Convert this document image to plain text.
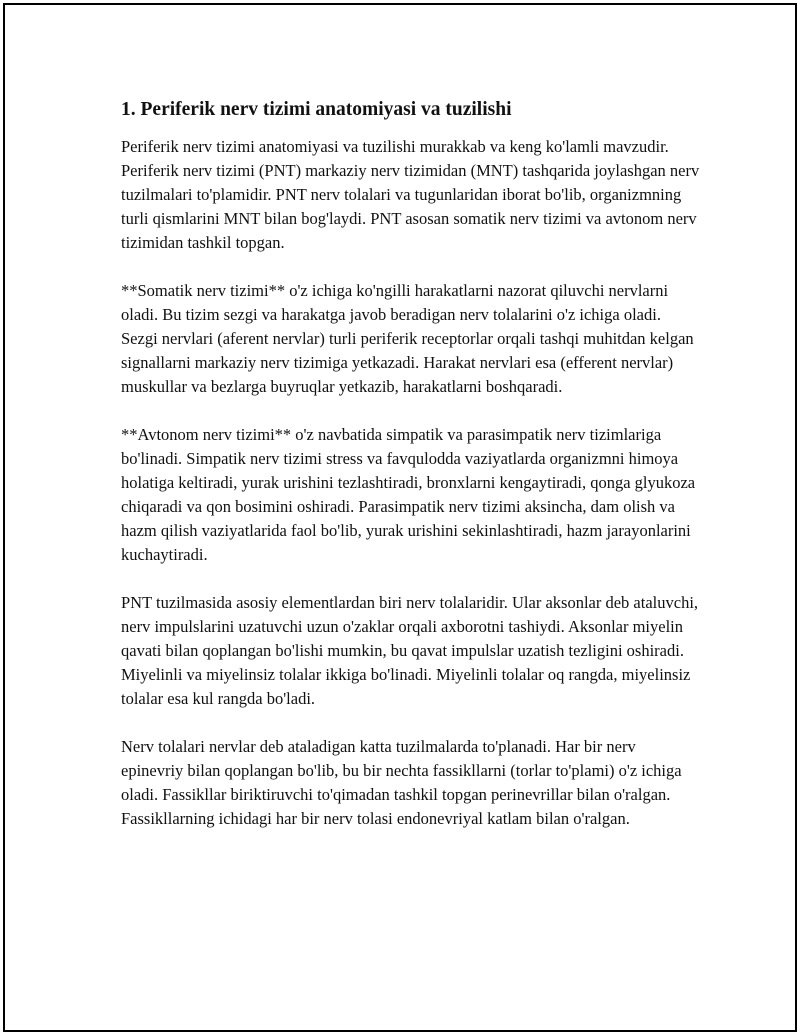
1. Periferik nerv tizimi anatomiyasi va tuzilishi

Periferik nerv tizimi anatomiyasi va tuzilishi murakkab va keng ko'lamli mavzudir. Periferik nerv tizimi (PNT) markaziy nerv tizimidan (MNT) tashqarida joylashgan nerv tuzilmalari to'plamidir. PNT nerv tolalari va tugunlaridan iborat bo'lib, organizmning turli qismlarini MNT bilan bog'laydi. PNT asosan somatik nerv tizimi va avtonom nerv tizimidan tashkil topgan.

**Somatik nerv tizimi** o'z ichiga ko'ngilli harakatlarni nazorat qiluvchi nervlarni oladi. Bu tizim sezgi va harakatga javob beradigan nerv tolalarini o'z ichiga oladi. Sezgi nervlari (aferent nervlar) turli periferik receptorlar orqali tashqi muhitdan kelgan signallarni markaziy nerv tizimiga yetkazadi. Harakat nervlari esa (efferent nervlar) muskullar va bezlarga buyruqlar yetkazib, harakatlarni boshqaradi.

**Avtonom nerv tizimi** o'z navbatida simpatik va parasimpatik nerv tizimlariga bo'linadi. Simpatik nerv tizimi stress va favqulodda vaziyatlarda organizmni himoya holatiga keltiradi, yurak urishini tezlashtiradi, bronxlarni kengaytiradi, qonga glyukoza chiqaradi va qon bosimini oshiradi. Parasimpatik nerv tizimi aksincha, dam olish va hazm qilish vaziyatlarida faol bo'lib, yurak urishini sekinlashtiradi, hazm jarayonlarini kuchaytiradi.

PNT tuzilmasida asosiy elementlardan biri nerv tolalaridir. Ular aksonlar deb ataluvchi, nerv impulslarini uzatuvchi uzun o'zaklar orqali axborotni tashiydi. Aksonlar miyelin qavati bilan qoplangan bo'lishi mumkin, bu qavat impulslar uzatish tezligini oshiradi. Miyelinli va miyelinsiz tolalar ikkiga bo'linadi. Miyelinli tolalar oq rangda, miyelinsiz tolalar esa kul rangda bo'ladi.

Nerv tolalari nervlar deb ataladigan katta tuzilmalarda to'planadi. Har bir nerv epinevriy bilan qoplangan bo'lib, bu bir nechta fassikllarni (torlar to'plami) o'z ichiga oladi. Fassikllar biriktiruvchi to'qimadan tashkil topgan perinevrillar bilan o'ralgan. Fassikllarning ichidagi har bir nerv tolasi endonevriyal katlam bilan o'ralgan.
